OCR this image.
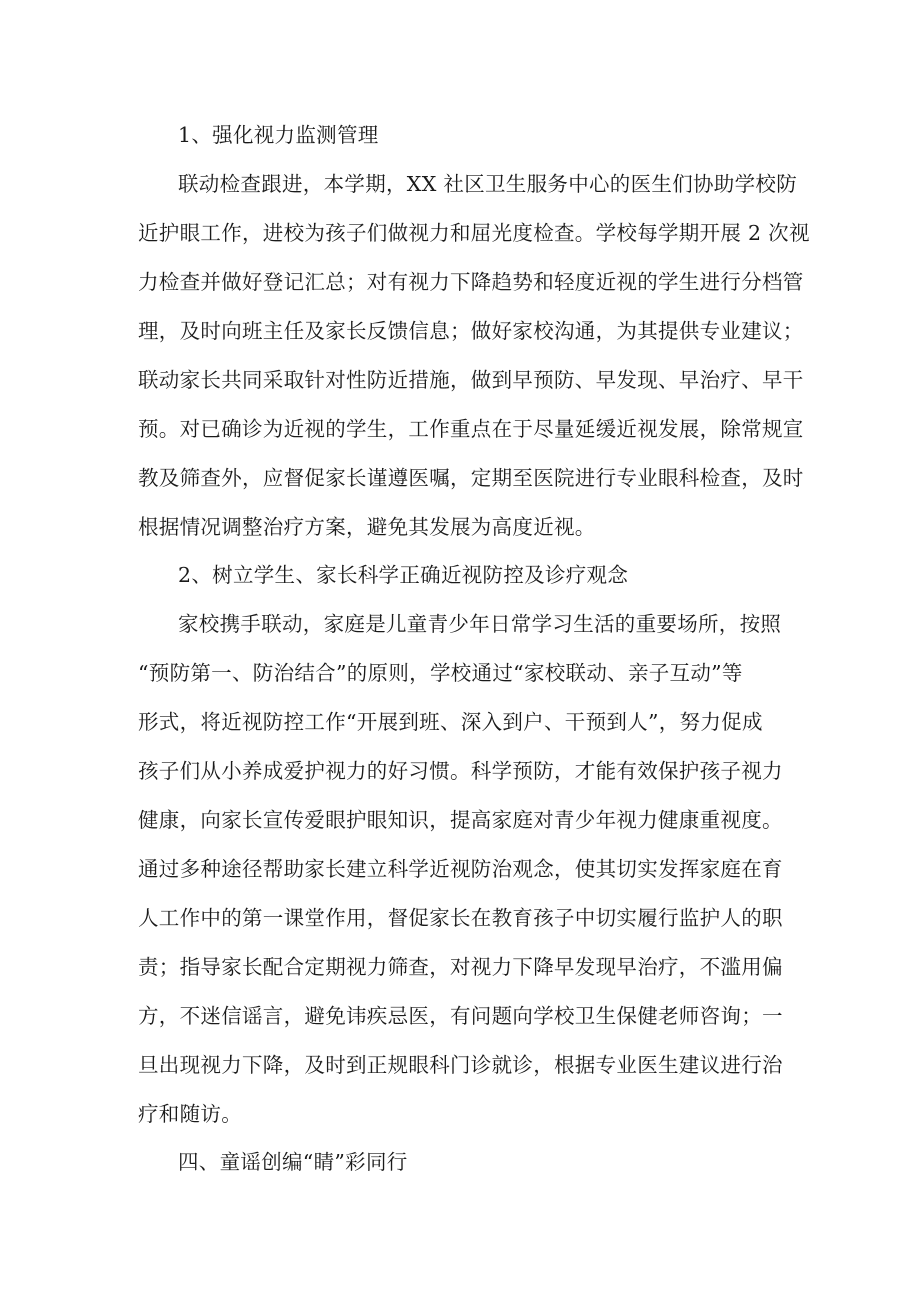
1、强化视力监测管理
联动检查跟进，本学期，XX 社区卫生服务中心的医生们协助学校防
近护眼工作，进校为孩子们做视力和屈光度检查。学校每学期开展 2 次视
力检查并做好登记汇总；对有视力下降趋势和轻度近视的学生进行分档管
理，及时向班主任及家长反馈信息；做好家校沟通，为其提供专业建议；
联动家长共同采取针对性防近措施，做到早预防、早发现、早治疗、早干
预。对已确诊为近视的学生，工作重点在于尽量延缓近视发展，除常规宣
教及筛查外，应督促家长谨遵医嘱，定期至医院进行专业眼科检查，及时
根据情况调整治疗方案，避免其发展为高度近视。
2、树立学生、家长科学正确近视防控及诊疗观念
家校携手联动，家庭是儿童青少年日常学习生活的重要场所，按照
“预防第一、防治结合”的原则，学校通过“家校联动、亲子互动”等
形式，将近视防控工作“开展到班、深入到户、干预到人”，努力促成
孩子们从小养成爱护视力的好习惯。科学预防，才能有效保护孩子视力
健康，向家长宣传爱眼护眼知识，提高家庭对青少年视力健康重视度。
通过多种途径帮助家长建立科学近视防治观念，使其切实发挥家庭在育
人工作中的第一课堂作用，督促家长在教育孩子中切实履行监护人的职
责；指导家长配合定期视力筛查，对视力下降早发现早治疗，不滥用偏
方，不迷信谣言，避免讳疾忌医，有问题向学校卫生保健老师咨询；一
旦出现视力下降，及时到正规眼科门诊就诊，根据专业医生建议进行治
疗和随访。
四、童谣创编“睛”彩同行
